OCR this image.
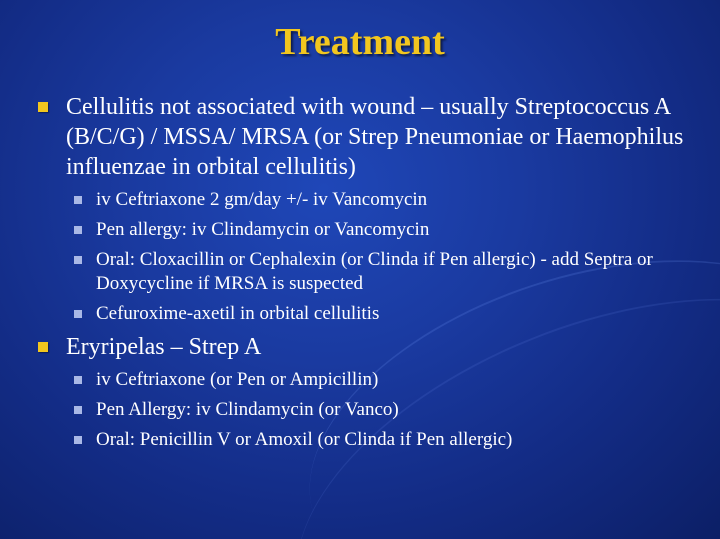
Treatment
Cellulitis not associated with wound – usually Streptococcus A (B/C/G) / MSSA/ MRSA (or Strep Pneumoniae or Haemophilus influenzae in orbital cellulitis)
iv Ceftriaxone 2 gm/day +/- iv Vancomycin
Pen allergy: iv Clindamycin or Vancomycin
Oral: Cloxacillin or Cephalexin (or Clinda if Pen allergic) - add Septra or Doxycycline if MRSA is suspected
Cefuroxime-axetil in orbital cellulitis
Eryripelas – Strep A
iv Ceftriaxone (or Pen or Ampicillin)
Pen Allergy: iv Clindamycin (or Vanco)
Oral: Penicillin V or Amoxil (or Clinda if Pen allergic)
